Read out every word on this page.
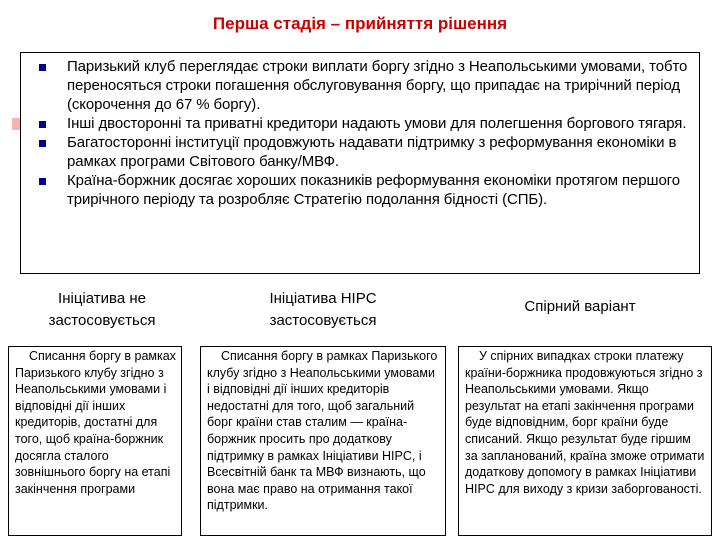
Перша стадія – прийняття рішення
Паризький клуб переглядає строки виплати боргу згідно з Неапольськими умовами, тобто переносяться строки погашення обслуговування боргу, що припадає на трирічний період (скорочення до 67 % боргу).
Інші двосторонні та приватні кредитори надають умови для полегшення боргового тягаря.
Багатосторонні інституції продовжують надавати підтримку з реформування економіки в рамках програми Світового банку/МВФ.
Країна-боржник досягає хороших показників реформування економіки протягом першого трирічного періоду та розробляє Стратегію подолання бідності (СПБ).
Ініціатива не застосовується
Ініціатива HIPC застосовується
Спірний варіант

Списання боргу в рамках Паризького клубу згідно з Неапольськими умовами і відповідні дії інших кредиторів, достатні для того, щоб країна-боржник досягла сталого зовнішнього боргу на етапі закінчення програми

Списання боргу в рамках Паризького клубу згідно з Неапольськими умовами і відповідні дії інших кредиторів недостатні для того, щоб загальний борг країни став сталим — країна-боржник просить про додаткову підтримку в рамках Ініціативи HIPC, і Всесвітній банк та МВФ визнають, що вона має право на отримання такої підтримки.

У спірних випадках строки платежу країни-боржника продовжуються згідно з Неапольськими умовами. Якщо результат на етапі закінчення програми буде відповідним, борг країни буде списаний. Якщо результат буде гіршим за запланований, країна зможе отримати додаткову допомогу в рамках Ініціативи HIPC для виходу з кризи заборгованості.
